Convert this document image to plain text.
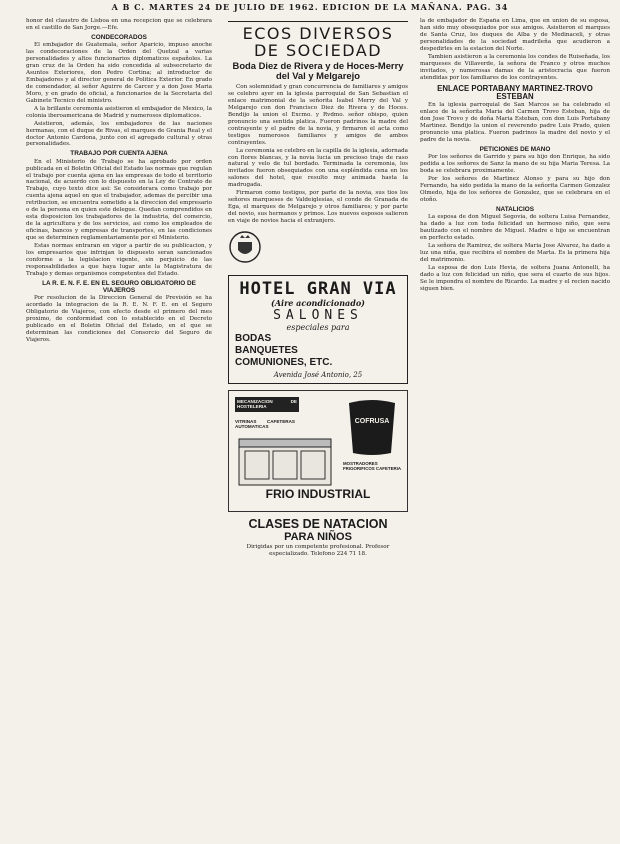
A B C. MARTES 24 DE JULIO DE 1962. EDICION DE LA MAÑANA. PAG. 34

honor del claustro de Lisboa en una recepcion que se celebrara en el castillo de San Jorge.—Efe.

CONDECORADOS

El embajador de Guatemala, señor Aparicio, impuso anoche las condecoraciones de la Orden del Quetzal a varias personalidades y altos funcionarios diplomaticos españoles. La gran cruz de la Orden ha sido concedida al subsecretario de Asuntos Exteriores, don Pedro Cortina; al introductor de Embajadores y al director general de Politica Exterior. En grado de comendador, al señor Aguirre de Carcer y a don Jose Maria Moro, y en grado de oficial, a funcionarios de la Secretaria del Gabinete Tecnico del ministro.

A la brillante ceremonia asistieron el embajador de Mexico, la colonia iberoamericana de Madrid y numerosos diplomaticos.

Asistieron, además, los embajadores de las naciones hermanas, con el duque de Rivas, el marques de Grania Real y el doctor Antonio Cardona, junto con el agregado cultural y otras personalidades.

TRABAJO POR CUENTA AJENA

En el Ministerio de Trabajo se ha aprobado por orden publicada en el Boletin Oficial del Estado las normas que regulan el trabajo por cuenta ajena en las empresas de todo el territorio nacional, de acuerdo con lo dispuesto en la Ley de Contrato de Trabajo, cuyo texto dice asi: Se considerara como trabajo por cuenta ajena aquel en que el trabajador, ademas de percibir una retribucion, se encuentra sometido a la direccion del empresario o de la persona en quien este delegue. Quedan comprendidos en esta disposicion los trabajadores de la industria, del comercio, de la agricultura y de los servicios, asi como los empleados de oficinas, bancos y empresas de transportes, en las condiciones que se determinen reglamentariamente por el Ministerio.

Estas normas entraran en vigor a partir de su publicacion, y los empresarios que infrinjan lo dispuesto seran sancionados conforme a la legislacion vigente, sin perjuicio de las responsabilidades a que haya lugar ante la Magistratura de Trabajo y demas organismos competentes del Estado.

LA R. E. N. F. E. EN EL SEGURO OBLIGATORIO DE VIAJEROS

Por resolucion de la Direccion General de Previsión se ha acordado la integracion de la R. E. N. F. E. en el Seguro Obligatorio de Viajeros, con efecto desde el primero del mes proximo, de conformidad con lo establecido en el Decreto publicado en el Boletin Oficial del Estado, en el que se determinan las condiciones del Consorcio del Seguro de Viajeros.

ECOS DIVERSOS DE SOCIEDAD
Boda Diez de Rivera y de Hoces-Merry del Val y Melgarejo

Con solemnidad y gran concurrencia de familiares y amigos se celebro ayer en la iglesia parroquial de San Sebastian el enlace matrimonial de la señorita Isabel Merry del Val y Melgarejo con don Francisco Diez de Rivera y de Hoces. Bendijo la union el Excmo. y Rvdmo. señor obispo, quien pronuncio una sentida platica. Fueron padrinos la madre del contrayente y el padre de la novia, y firmaron el acta como testigos numerosos familiares y amigos de ambos contrayentes.

La ceremonia se celebro en la capilla de la iglesia, adornada con flores blancas, y la novia lucia un precioso traje de raso natural y velo de tul bordado. Terminada la ceremonia, los invitados fueron obsequiados con una espléndida cena en los salones del hotel, que resulto muy animada hasta la madrugada.

Firmaron como testigos, por parte de la novia, sus tios los señores marqueses de Valdeiglesias, el conde de Granada de Ega, el marques de Melgarejo y otros familiares; y por parte del novio, sus hermanos y primos. Los nuevos esposos salieron en viaje de novios hacia el extranjero.

HOTEL GRAN VIA
(Aire acondicionado)
SALONES
especiales para
BODAS
BANQUETES
COMUNIONES, ETC.
Avenida José Antonio, 25
MECANIZACION DE HOSTELERIA
VITRINAS CAFETERAS AUTOMATICAS
COFRUSA
MOSTRADORES FRIGORIFICOS CAFETERIA
FRIO INDUSTRIAL
CLASES DE NATACION
PARA NIÑOS
Dirigidas por un competente profesional. Profesor especializado. Telefono 224 71 18.

la de embajador de España en Lima, que en union de su esposa, han sido muy obsequiados por sus amigos. Asistieron el marques de Santa Cruz, los duques de Alba y de Medinaceli, y otras personalidades de la sociedad madrileña que acudieron a despedirles en la estacion del Norte.

Tambien asistieron a la ceremonia los condes de Ruiseñada, los marqueses de Villaverde, la señora de Franco y otros muchos invitados, y numerosas damas de la aristocracia que fueron atendidas por los familiares de los contrayentes.

ENLACE PORTABANY MARTINEZ-TROVO ESTEBAN

En la iglesia parroquial de San Marcos se ha celebrado el enlace de la señorita Maria del Carmen Trovo Esteban, hija de don Jose Trovo y de doña Maria Esteban, con don Luis Portabany Martinez. Bendijo la union el reverendo padre Luis Prado, quien pronuncio una platica. Fueron padrinos la madre del novio y el padre de la novia.

PETICIONES DE MANO

Por los señores de Garrido y para su hijo don Enrique, ha sido pedida a los señores de Sanz la mano de su hija Maria Teresa. La boda se celebrara proximamente.

Por los señores de Martinez Alonso y para su hijo don Fernando, ha sido pedida la mano de la señorita Carmen Gonzalez Olmedo, hija de los señores de Gonzalez, que se celebrara en el otoño.

NATALICIOS

La esposa de don Miguel Segovia, de soltera Luisa Fernandez, ha dado a luz con toda felicidad un hermoso niño, que sera bautizado con el nombre de Miguel. Madre e hijo se encuentran en perfecto estado.

La señora de Ramirez, de soltera Maria Jose Alvarez, ha dado a luz una niña, que recibira el nombre de Marta. Es la primera hija del matrimonio.

La esposa de don Luis Hevia, de soltera Juana Antonelli, ha dado a luz con felicidad un niño, que sera el cuarto de sus hijos. Se le impondra el nombre de Ricardo. La madre y el recien nacido siguen bien.
